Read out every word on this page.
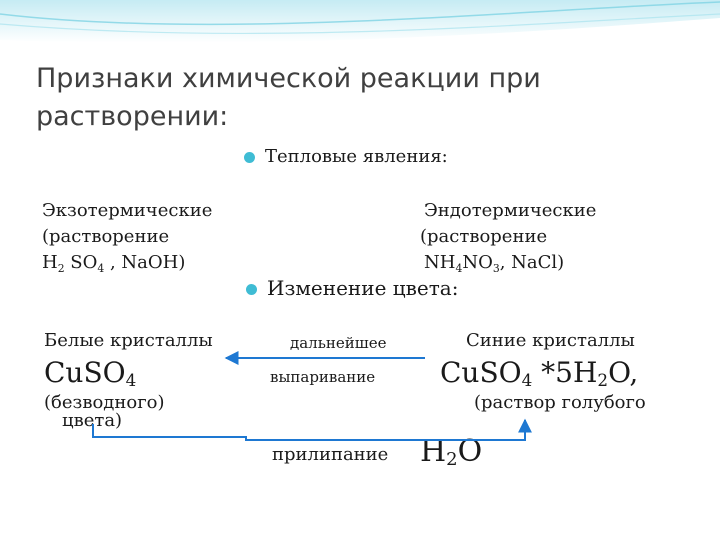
Признаки химической реакции при
растворении:
Тепловые явления:
Экзотермические
(растворение
$H_2$ $SO_4$ , NaOH)
Эндотермические
(растворение
$NH_4NO_3$, NaCl)
Изменение цвета:
Белые кристаллы
CuSO$_4$
(безводного)
цвета)
дальнейшее
выпаривание
Синие кристаллы
CuSO$_4$ $*5H_2O$,
(раствор голубого
прилипание $H_2O$
